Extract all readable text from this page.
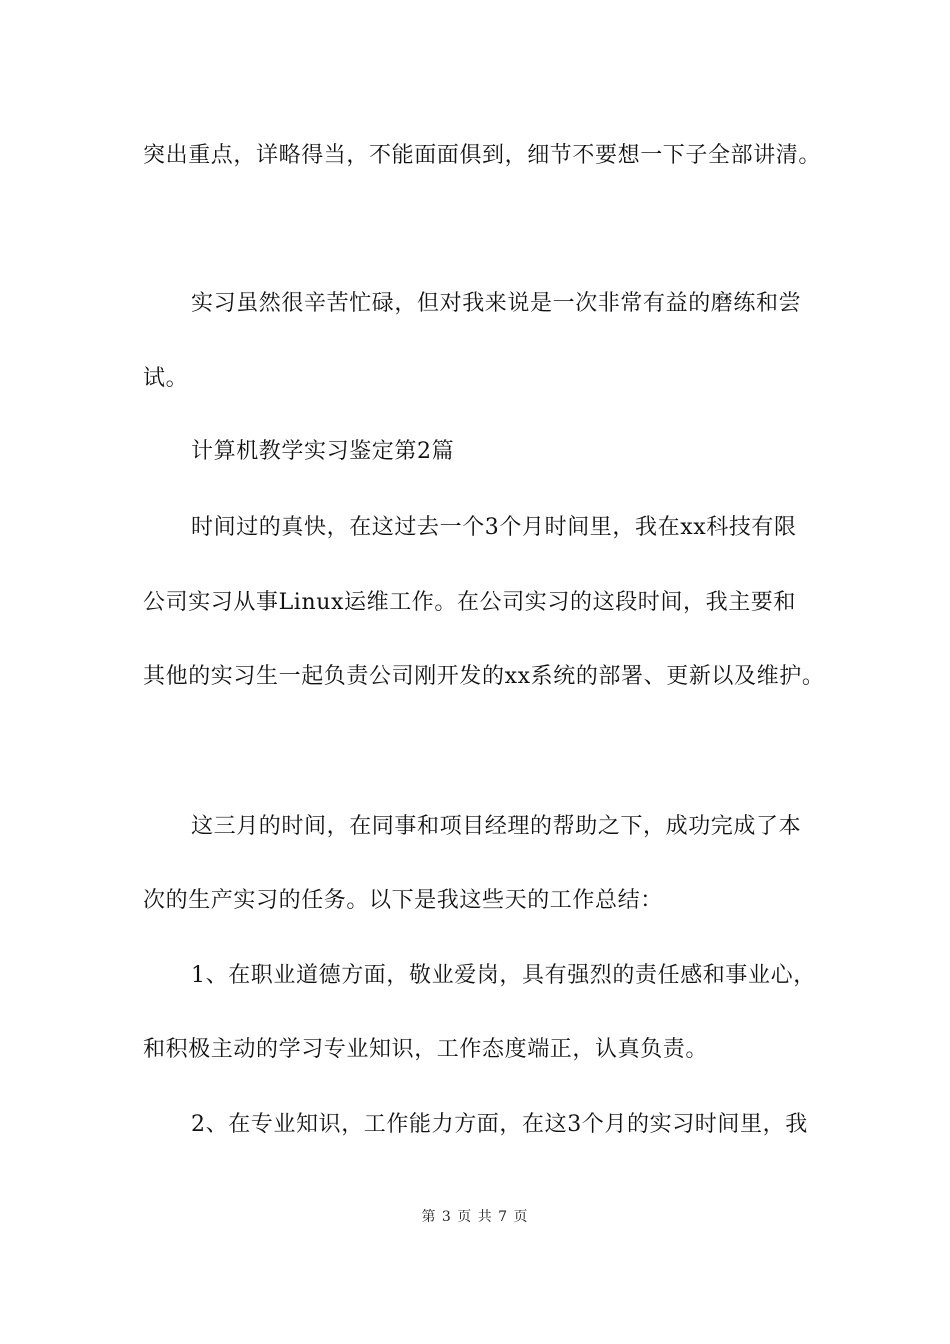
突出重点，详略得当，不能面面俱到，细节不要想一下子全部讲清。
实习虽然很辛苦忙碌，但对我来说是一次非常有益的磨练和尝
试。
计算机教学实习鉴定第2篇
时间过的真快，在这过去一个3个月时间里，我在xx科技有限
公司实习从事Linux运维工作。在公司实习的这段时间，我主要和
其他的实习生一起负责公司刚开发的xx系统的部署、更新以及维护。
这三月的时间，在同事和项目经理的帮助之下，成功完成了本
次的生产实习的任务。以下是我这些天的工作总结：
1、在职业道德方面，敬业爱岗，具有强烈的责任感和事业心，
和积极主动的学习专业知识，工作态度端正，认真负责。
2、在专业知识，工作能力方面，在这3个月的实习时间里，我
第 3 页 共 7 页
